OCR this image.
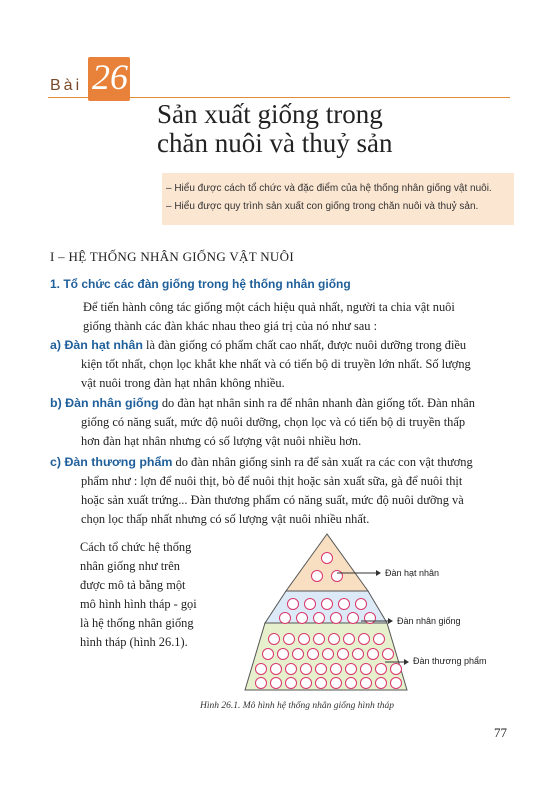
Bài 26
Sản xuất giống trong
chăn nuôi và thuỷ sản
– Hiểu được cách tổ chức và đặc điểm của hệ thống nhân giống vật nuôi.
– Hiểu được quy trình sản xuất con giống trong chăn nuôi và thuỷ sản.
I – HỆ THỐNG NHÂN GIỐNG VẬT NUÔI
1. Tổ chức các đàn giống trong hệ thống nhân giống
Để tiến hành công tác giống một cách hiệu quả nhất, người ta chia vật nuôi
giống thành các đàn khác nhau theo giá trị của nó như sau :
a) Đàn hạt nhân là đàn giống có phẩm chất cao nhất, được nuôi dưỡng trong điều
kiện tốt nhất, chọn lọc khắt khe nhất và có tiến bộ di truyền lớn nhất. Số lượng
vật nuôi trong đàn hạt nhân không nhiều.
b) Đàn nhân giống do đàn hạt nhân sinh ra để nhân nhanh đàn giống tốt. Đàn nhân
giống có năng suất, mức độ nuôi dưỡng, chọn lọc và có tiến bộ di truyền thấp
hơn đàn hạt nhân nhưng có số lượng vật nuôi nhiều hơn.
c) Đàn thương phẩm do đàn nhân giống sinh ra để sản xuất ra các con vật thương
phẩm như : lợn để nuôi thịt, bò để nuôi thịt hoặc sản xuất sữa, gà để nuôi thịt
hoặc sản xuất trứng... Đàn thương phẩm có năng suất, mức độ nuôi dưỡng và
chọn lọc thấp nhất nhưng có số lượng vật nuôi nhiều nhất.
Cách tổ chức hệ thống
nhân giống như trên
được mô tả bằng một
mô hình hình tháp - gọi
là hệ thống nhân giống
hình tháp (hình 26.1).
Đàn hạt nhân
Đàn nhân giống
Đàn thương phẩm
Hình 26.1. Mô hình hệ thống nhân giống hình tháp
77
